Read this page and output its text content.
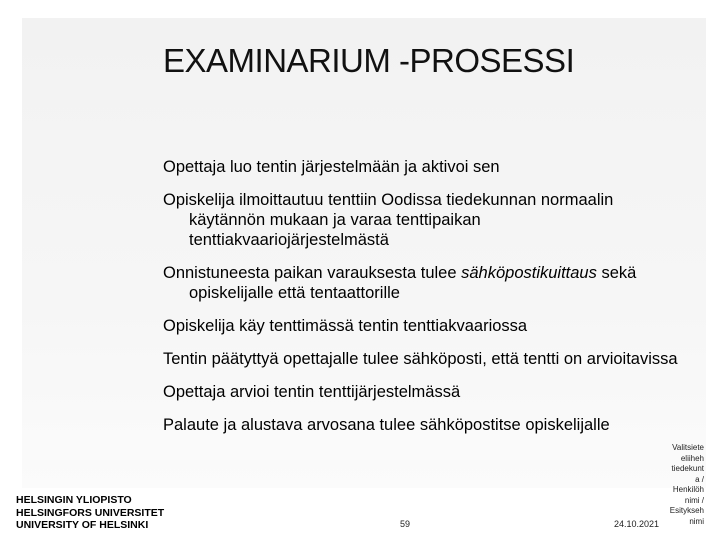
EXAMINARIUM -PROSESSI
Opettaja luo tentin järjestelmään ja aktivoi sen
Opiskelija ilmoittautuu tenttiin Oodissa tiedekunnan normaalin käytännön mukaan ja varaa tenttipaikan tenttiakvaariojärjestelmästä
Onnistuneesta paikan varauksesta tulee sähköpostikuittaus sekä opiskelijalle että tentaattorille
Opiskelija käy tenttimässä tentin tenttiakvaariossa
Tentin päätyttyä opettajalle tulee sähköposti, että tentti on arvioitavissa
Opettaja arvioi tentin tenttijärjestelmässä
Palaute ja alustava arvosana tulee sähköpostitse opiskelijalle
HELSINGIN YLIOPISTO
HELSINGFORS UNIVERSITET
UNIVERSITY OF HELSINKI	59	24.10.2021
Valitsiete
eliiheh
tiedekunt
a /
Henkilöh
nimi /
Esitykseh
nimi
